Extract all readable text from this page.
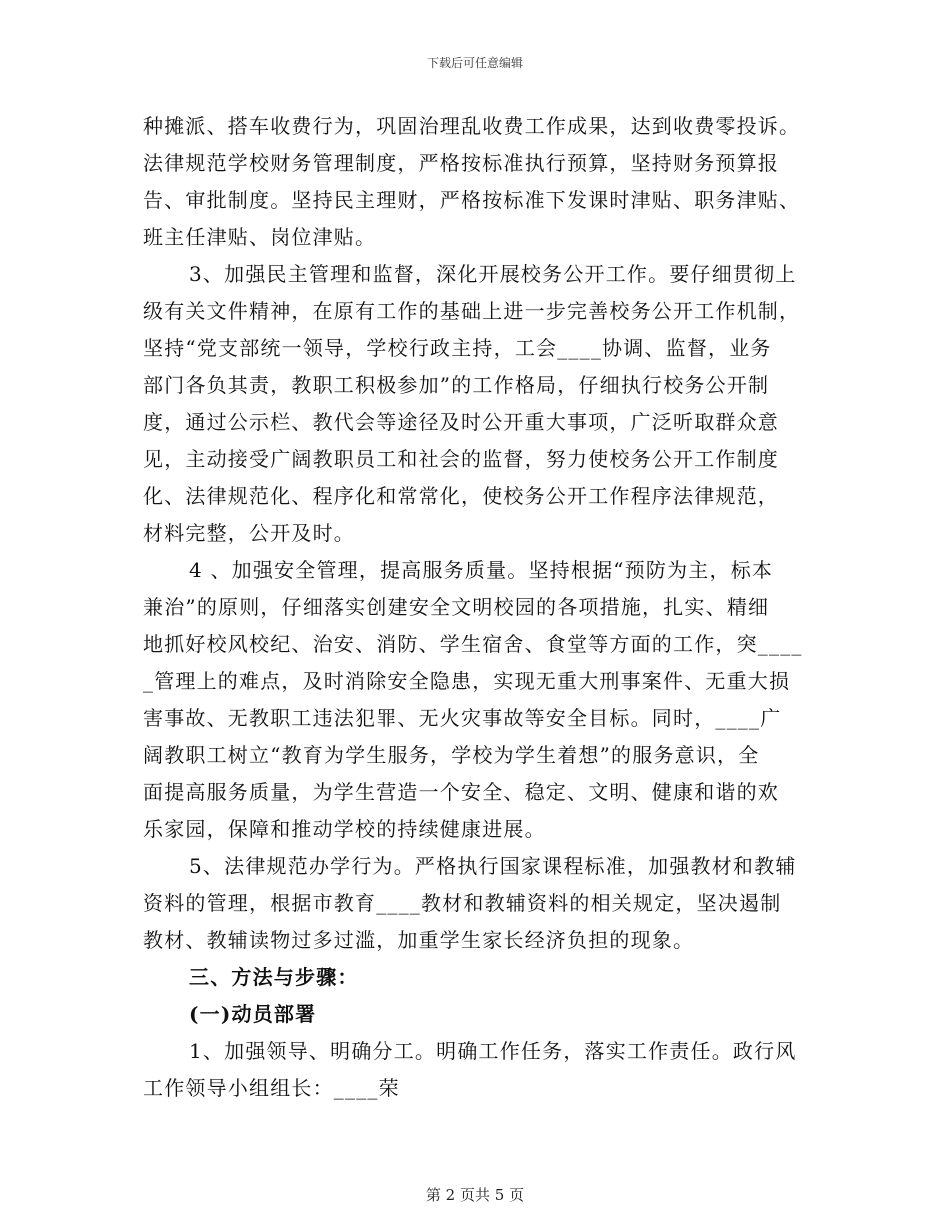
下载后可任意编辑

种摊派、搭车收费行为，巩固治理乱收费工作成果，达到收费零投诉。
法律规范学校财务管理制度，严格按标准执行预算，坚持财务预算报
告、审批制度。坚持民主理财，严格按标准下发课时津贴、职务津贴、
班主任津贴、岗位津贴。

3、加强民主管理和监督，深化开展校务公开工作。要仔细贯彻上
级有关文件精神，在原有工作的基础上进一步完善校务公开工作机制，
坚持“党支部统一领导，学校行政主持，工会____协调、监督，业务
部门各负其责，教职工积极参加”的工作格局，仔细执行校务公开制
度，通过公示栏、教代会等途径及时公开重大事项，广泛听取群众意
见，主动接受广阔教职员工和社会的监督，努力使校务公开工作制度
化、法律规范化、程序化和常常化，使校务公开工作程序法律规范，
材料完整，公开及时。

4 、加强安全管理，提高服务质量。坚持根据“预防为主，标本
兼治”的原则，仔细落实创建安全文明校园的各项措施，扎实、精细
地抓好校风校纪、治安、消防、学生宿舍、食堂等方面的工作，突____
_管理上的难点，及时消除安全隐患，实现无重大刑事案件、无重大损
害事故、无教职工违法犯罪、无火灾事故等安全目标。同时，____广
阔教职工树立“教育为学生服务，学校为学生着想”的服务意识，全
面提高服务质量，为学生营造一个安全、稳定、文明、健康和谐的欢
乐家园，保障和推动学校的持续健康进展。

5、法律规范办学行为。严格执行国家课程标准，加强教材和教辅
资料的管理，根据市教育____教材和教辅资料的相关规定，坚决遏制
教材、教辅读物过多过滥，加重学生家长经济负担的现象。

三、方法与步骤：

(一)动员部署

1、加强领导、明确分工。明确工作任务，落实工作责任。政行风
工作领导小组组长：____荣

第 2 页共 5 页
